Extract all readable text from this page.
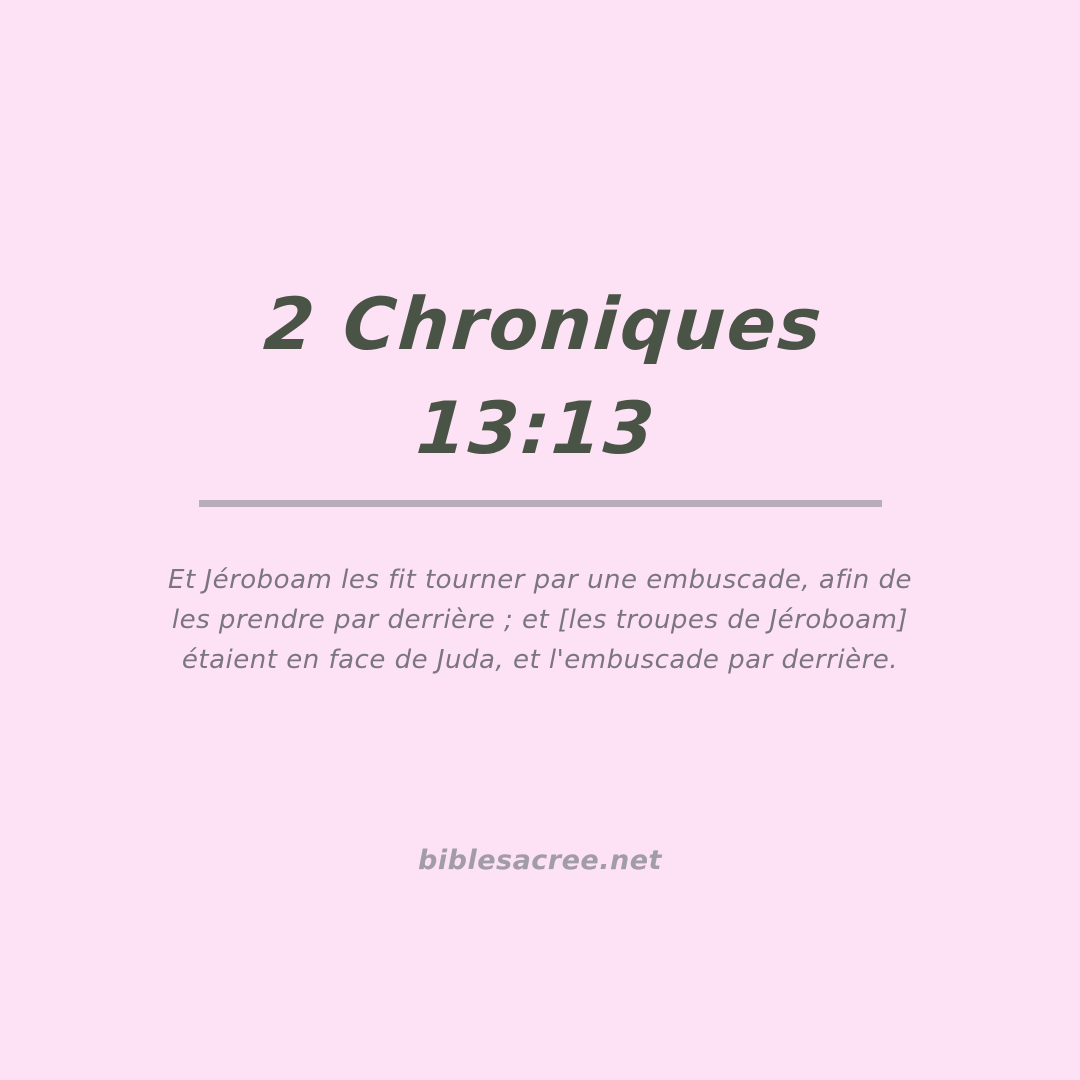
2 Chroniques
13:13
Et Jéroboam les fit tourner par une embuscade, afin de
les prendre par derrière ; et [les troupes de Jéroboam]
étaient en face de Juda, et l'embuscade par derrière.
biblesacree.net
